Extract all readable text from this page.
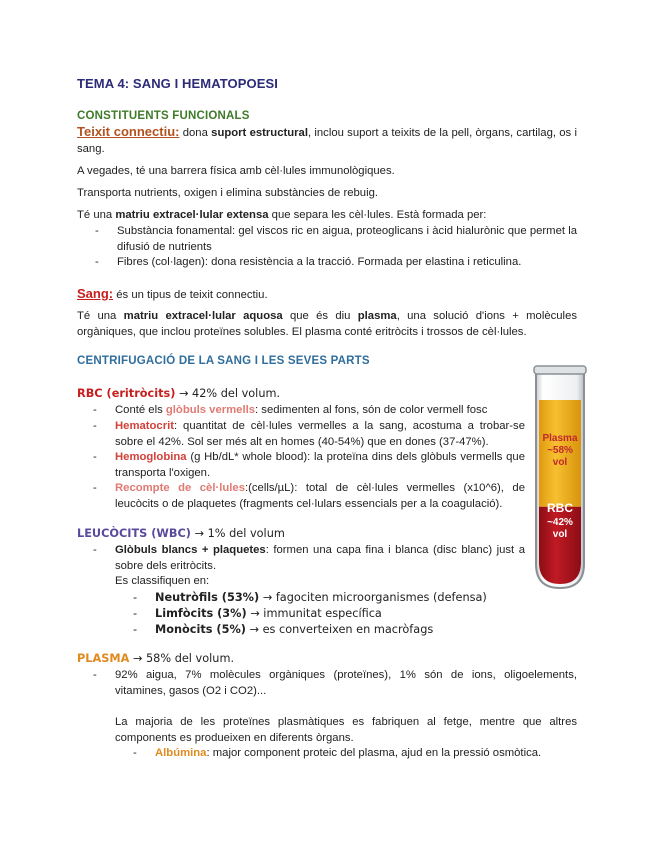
TEMA 4: SANG I HEMATOPOESI
CONSTITUENTS FUNCIONALS
Teixit connectiu: dona suport estructural, inclou suport a teixits de la pell, òrgans, cartilag, os i sang.
A vegades, té una barrera física amb cèl·lules immunològiques.
Transporta nutrients, oxigen i elimina substàncies de rebuig.
Té una matriu extracel·lular extensa que separa les cèl·lules. Està formada per:
- Substància fonamental: gel viscos ric en aigua, proteoglicans i àcid hialurònic que permet la difusió de nutrients
- Fibres (col·lagen): dona resistència a la tracció. Formada per elastina i reticulina.
Sang: és un tipus de teixit connectiu.
Té una matriu extracel·lular aquosa que és diu plasma, una solució d'ions + molècules orgàniques, que inclou proteïnes solubles. El plasma conté eritròcits i trossos de cèl·lules.
CENTRIFUGACIÓ DE LA SANG I LES SEVES PARTS
RBC (eritròcits) → 42% del volum.
- Conté els glòbuls vermells: sedimenten al fons, són de color vermell fosc
- Hematocrit: quantitat de cèl·lules vermelles a la sang, acostuma a trobar-se sobre el 42%. Sol ser més alt en homes (40-54%) que en dones (37-47%).
- Hemoglobina (g Hb/dL* whole blood): la proteïna dins dels glòbuls vermells que transporta l'oxigen.
- Recompte de cèl·lules:(cells/µL): total de cèl·lules vermelles (x10^6), de leucòcits o de plaquetes (fragments cel·lulars essencials per a la coagulació).
LEUCÒCITS (WBC) → 1% del volum
- Glòbuls blancs + plaquetes: formen una capa fina i blanca (disc blanc) just a sobre dels eritròcits.
Es classifiquen en:
- Neutròfils (53%) → fagociten microorganismes (defensa)
- Limfòcits (3%) → immunitat específica
- Monòcits (5%) → es converteixen en macròfags
PLASMA → 58% del volum.
- 92% aigua, 7% molècules orgàniques (proteïnes), 1% són de ions, oligoelements, vitamines, gasos (O2 i CO2)...
La majoria de les proteïnes plasmàtiques es fabriquen al fetge, mentre que altres components es produeixen en diferents òrgans.
- Albúmina: major component proteic del plasma, ajud en la pressió osmòtica.
Plasma
~58%
vol
RBC
~42%
vol
